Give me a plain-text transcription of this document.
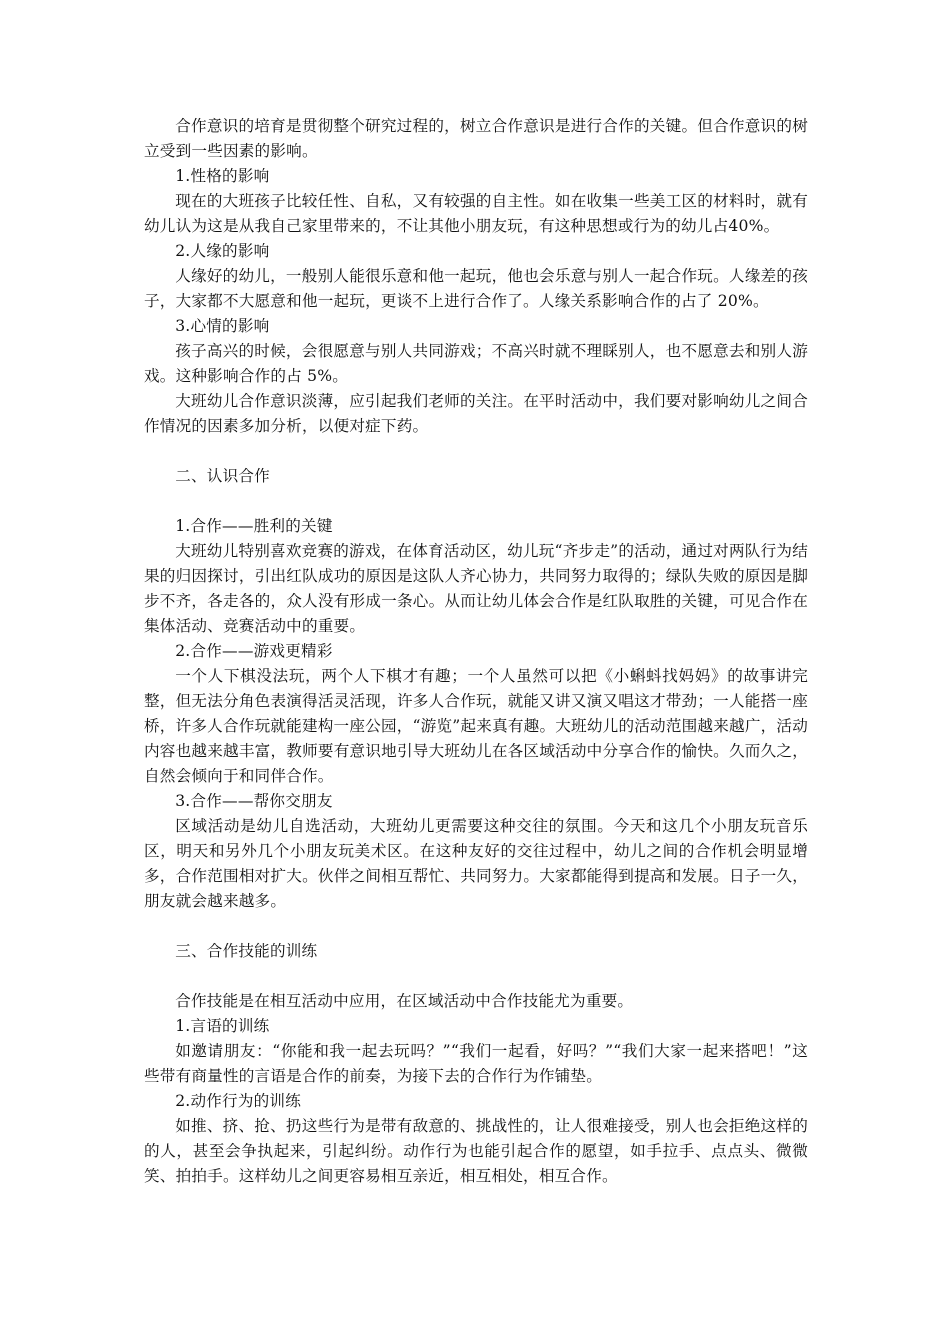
合作意识的培育是贯彻整个研究过程的，树立合作意识是进行合作的关键。但合作意识的树立受到一些因素的影响。

1.性格的影响

现在的大班孩子比较任性、自私，又有较强的自主性。如在收集一些美工区的材料时，就有幼儿认为这是从我自己家里带来的，不让其他小朋友玩，有这种思想或行为的幼儿占40%。

2.人缘的影响

人缘好的幼儿，一般别人能很乐意和他一起玩，他也会乐意与别人一起合作玩。人缘差的孩子，大家都不大愿意和他一起玩，更谈不上进行合作了。人缘关系影响合作的占了 20%。

3.心情的影响

孩子高兴的时候，会很愿意与别人共同游戏；不高兴时就不理睬别人，也不愿意去和别人游戏。这种影响合作的占 5%。

大班幼儿合作意识淡薄，应引起我们老师的关注。在平时活动中，我们要对影响幼儿之间合作情况的因素多加分析，以便对症下药。

二、认识合作

1.合作——胜利的关键

大班幼儿特别喜欢竞赛的游戏，在体育活动区，幼儿玩“齐步走”的活动，通过对两队行为结果的归因探讨，引出红队成功的原因是这队人齐心协力，共同努力取得的；绿队失败的原因是脚步不齐，各走各的，众人没有形成一条心。从而让幼儿体会合作是红队取胜的关键，可见合作在集体活动、竞赛活动中的重要。

2.合作——游戏更精彩

一个人下棋没法玩，两个人下棋才有趣；一个人虽然可以把《小蝌蚪找妈妈》的故事讲完整，但无法分角色表演得活灵活现，许多人合作玩，就能又讲又演又唱这才带劲；一人能搭一座桥，许多人合作玩就能建构一座公园，“游览”起来真有趣。大班幼儿的活动范围越来越广，活动内容也越来越丰富，教师要有意识地引导大班幼儿在各区域活动中分享合作的愉快。久而久之，自然会倾向于和同伴合作。

3.合作——帮你交朋友

区域活动是幼儿自选活动，大班幼儿更需要这种交往的氛围。今天和这几个小朋友玩音乐区，明天和另外几个小朋友玩美术区。在这种友好的交往过程中，幼儿之间的合作机会明显增多，合作范围相对扩大。伙伴之间相互帮忙、共同努力。大家都能得到提高和发展。日子一久，朋友就会越来越多。

三、合作技能的训练

合作技能是在相互活动中应用，在区域活动中合作技能尤为重要。

1.言语的训练

如邀请朋友：“你能和我一起去玩吗？”“我们一起看，好吗？”“我们大家一起来搭吧！”这些带有商量性的言语是合作的前奏，为接下去的合作行为作铺垫。

2.动作行为的训练

如推、挤、抢、扔这些行为是带有敌意的、挑战性的，让人很难接受，别人也会拒绝这样的的人，甚至会争执起来，引起纠纷。动作行为也能引起合作的愿望，如手拉手、点点头、微微笑、拍拍手。这样幼儿之间更容易相互亲近，相互相处，相互合作。
